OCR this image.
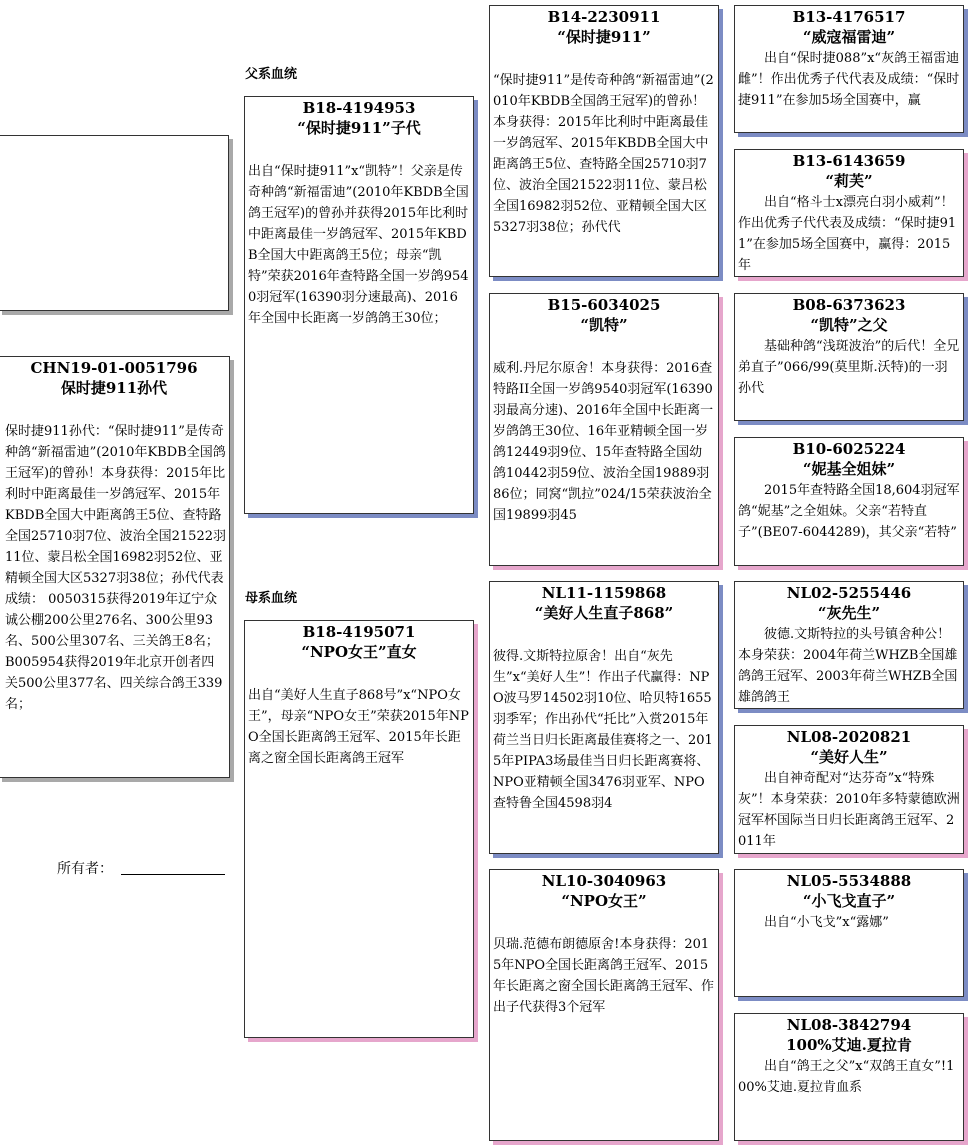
父系血统
母系血统
CHN19-01-0051796
保时捷911孙代
保时捷911孙代：“保时捷911”是传奇种鸽“新福雷迪”(2010年KBDB全国鸽王冠军)的曾孙！本身获得：2015年比利时中距离最佳一岁鸽冠军、2015年KBDB全国大中距离鸽王5位、查特路全国25710羽7位、波治全国21522羽11位、蒙吕松全国16982羽52位、亚精顿全国大区5327羽38位；孙代代表成绩： 0050315获得2019年辽宁众诚公棚200公里276名、300公里93名、500公里307名、三关鸽王8名； B005954获得2019年北京开创者四关500公里377名、四关综合鸽王339名；
所有者：
B18-4194953
“保时捷911”子代
出自“保时捷911”x“凯特”！父亲是传奇种鸽“新福雷迪”(2010年KBDB全国鸽王冠军)的曾孙并获得2015年比利时中距离最佳一岁鸽冠军、2015年KBDB全国大中距离鸽王5位；母亲“凯特”荣获2016年查特路全国一岁鸽9540羽冠军(16390羽分速最高)、2016年全国中长距离一岁鸽鸽王30位；
B18-4195071
“NPO女王”直女
出自“美好人生直子868号”x“NPO女王”，母亲“NPO女王”荣获2015年NPO全国长距离鸽王冠军、2015年长距离之窗全国长距离鸽王冠军
B14-2230911
“保时捷911”
“保时捷911”是传奇种鸽“新福雷迪”(2010年KBDB全国鸽王冠军)的曾孙！本身获得：2015年比利时中距离最佳一岁鸽冠军、2015年KBDB全国大中距离鸽王5位、查特路全国25710羽7位、波治全国21522羽11位、蒙吕松全国16982羽52位、亚精顿全国大区5327羽38位；孙代代
B15-6034025
“凯特”
威利.丹尼尔原舍！本身获得：2016查特路II全国一岁鸽9540羽冠军(16390羽最高分速)、2016年全国中长距离一岁鸽鸽王30位、16年亚精顿全国一岁鸽12449羽9位、15年查特路全国幼鸽10442羽59位、波治全国19889羽86位；同窝“凯拉”024/15荣获波治全国19899羽45
NL11-1159868
“美好人生直子868”
彼得.文斯特拉原舍！出自“灰先生”x“美好人生”！作出子代赢得：NPO波马罗14502羽10位、哈贝特1655羽季军；作出孙代“托比”入赏2015年荷兰当日归长距离最佳赛将之一、2015年PIPA3场最佳当日归长距离赛将、NPO亚精顿全国3476羽亚军、NPO查特鲁全国4598羽4
NL10-3040963
“NPO女王”
贝瑞.范德布朗德原舍!本身获得：2015年NPO全国长距离鸽王冠军、2015年长距离之窗全国长距离鸽王冠军、作出子代获得3个冠军
B13-4176517
“威寇福雷迪”
出自“保时捷088”x“灰鸽王福雷迪雌”！作出优秀子代代表及成绩：“保时捷911”在参加5场全国赛中，赢
B13-6143659
“莉芙”
出自“格斗士x漂亮白羽小威莉”！作出优秀子代代表及成绩：“保时捷911”在参加5场全国赛中，赢得：2015年
B08-6373623
“凯特”之父
基础种鸽“浅斑波治”的后代！全兄弟直子”066/99(莫里斯.沃特)的一羽孙代
B10-6025224
“妮基全姐妹”
2015年查特路全国18,604羽冠军鸽“妮基”之全姐妹。父亲“若特直子”(BE07-6044289)，其父亲“若特”
NL02-5255446
“灰先生”
彼德.文斯特拉的头号镇舍种公！本身荣获：2004年荷兰WHZB全国雄鸽鸽王冠军、2003年荷兰WHZB全国雄鸽鸽王
NL08-2020821
“美好人生”
出自神奇配对“达芬奇”x“特殊灰”！本身荣获：2010年多特蒙德欧洲冠军杯国际当日归长距离鸽王冠军、2011年
NL05-5534888
“小飞戈直子”
出自“小飞戈”x“露娜”
NL08-3842794
100%艾迪.夏拉肯
出自“鸽王之父”x“双鸽王直女”!100%艾迪.夏拉肯血系
